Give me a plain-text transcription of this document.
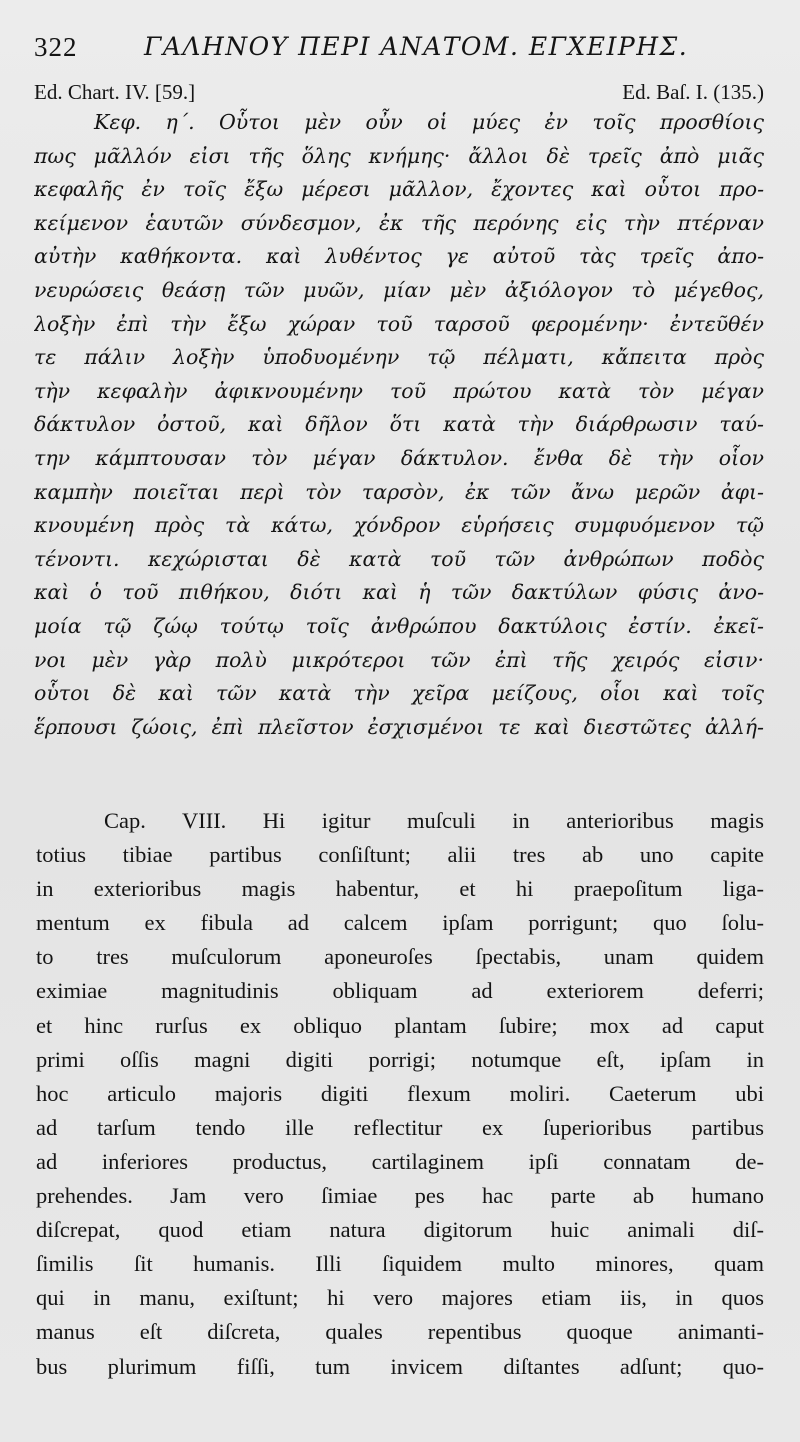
322	ΓΑΛΗΝΟΥ ΠΕΡΙ ΑΝΑΤΟΜ. ΕΓΧΕΙΡΗΣ.
Ed. Chart. IV. [59.]	Ed. Baſ. I. (135.)
Κεφ. η΄. Οὗτοι μὲν οὖν οἱ μύες ἐν τοῖς προσθίοις
πως μᾶλλόν εἰσι τῆς ὅλης κνήμης· ἄλλοι δὲ τρεῖς ἀπὸ μιᾶς
κεφαλῆς ἐν τοῖς ἔξω μέρεσι μᾶλλον, ἔχοντες καὶ οὗτοι προ-
κείμενον ἑαυτῶν σύνδεσμον, ἐκ τῆς περόνης εἰς τὴν πτέρναν
αὐτὴν καθήκοντα. καὶ λυθέντος γε αὐτοῦ τὰς τρεῖς ἀπο-
νευρώσεις θεάσῃ τῶν μυῶν, μίαν μὲν ἀξιόλογον τὸ μέγεθος,
λοξὴν ἐπὶ τὴν ἔξω χώραν τοῦ ταρσοῦ φερομένην· ἐντεῦθέν
τε πάλιν λοξὴν ὑποδυομένην τῷ πέλματι, κἄπειτα πρὸς
τὴν κεφαλὴν ἀφικνουμένην τοῦ πρώτου κατὰ τὸν μέγαν
δάκτυλον ὀστοῦ, καὶ δῆλον ὅτι κατὰ τὴν διάρθρωσιν ταύ-
την κάμπτουσαν τὸν μέγαν δάκτυλον. ἔνθα δὲ τὴν οἷον
καμπὴν ποιεῖται περὶ τὸν ταρσὸν, ἐκ τῶν ἄνω μερῶν ἀφι-
κνουμένη πρὸς τὰ κάτω, χόνδρον εὑρήσεις συμφυόμενον τῷ
τένοντι. κεχώρισται δὲ κατὰ τοῦ τῶν ἀνθρώπων ποδὸς
καὶ ὁ τοῦ πιθήκου, διότι καὶ ἡ τῶν δακτύλων φύσις ἀνο-
μοία τῷ ζώῳ τούτῳ τοῖς ἀνθρώπου δακτύλοις ἐστίν. ἐκεῖ-
νοι μὲν γὰρ πολὺ μικρότεροι τῶν ἐπὶ τῆς χειρός εἰσιν·
οὗτοι δὲ καὶ τῶν κατὰ τὴν χεῖρα μείζους, οἷοι καὶ τοῖς
ἕρπουσι ζώοις, ἐπὶ πλεῖστον ἐσχισμένοι τε καὶ διεστῶτες ἀλλή-
Cap. VIII. Hi igitur muſculi in anterioribus magis
totius tibiae partibus conſiſtunt; alii tres ab uno capite
in exterioribus magis habentur, et hi praepoſitum liga-
mentum ex fibula ad calcem ipſam porrigunt; quo ſolu-
to tres muſculorum aponeuroſes ſpectabis, unam quidem
eximiae magnitudinis obliquam ad exteriorem deferri;
et hinc rurſus ex obliquo plantam ſubire; mox ad caput
primi oſſis magni digiti porrigi; notumque eſt, ipſam in
hoc articulo majoris digiti flexum moliri. Caeterum ubi
ad tarſum tendo ille reflectitur ex ſuperioribus partibus
ad inferiores productus, cartilaginem ipſi connatam de-
prehendes. Jam vero ſimiae pes hac parte ab humano
diſcrepat, quod etiam natura digitorum huic animali diſ-
ſimilis ſit humanis. Illi ſiquidem multo minores, quam
qui in manu, exiſtunt; hi vero majores etiam iis, in quos
manus eſt diſcreta, quales repentibus quoque animanti-
bus plurimum fiſſi, tum invicem diſtantes adſunt; quo-
